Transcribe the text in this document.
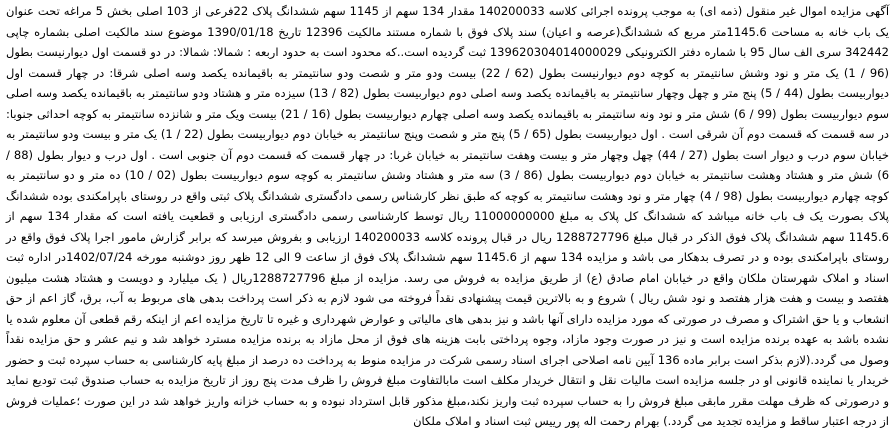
آگهی مزایده اموال غیر منقول (ذمه ای) به موجب پرونده اجرائی کلاسه 140200033 مقدار 134 سهم از 1145 سهم ششدانگ پلاک 22فرعی از 103 اصلی بخش 5 مراغه تحت عنوان یک باب خانه به مساحت 1145.6متر مربع که ششدانگ(عرصه و اعیان) سند پلاک فوق با شماره مستند مالکیت 12396 تاریخ 1390/01/18 موضوع سند مالکیت اصلی بشماره چاپی 342442 سری الف سال 95 با شماره دفتر الکترونیکی 139620304014000029 ثبت گردیده است..که محدود است به حدود اربعه : شمالا: شمالا: در دو قسمت اول دیوارنیست بطول (96 / 1) یک متر و نود وشش سانتیمتر به کوچه دوم دیوارنیست بطول (62 / 22) بیست ودو متر و شصت ودو سانتیمتر به باقیمانده یکصد وسه اصلی شرقا: در چهار قسمت اول دیواربیست بطول (44 / 5) پنج متر و چهل وچهار سانتیمتر به باقیمانده یکصد وسه اصلی دوم دیواربیست بطول (82 / 13) سیزده متر و هشتاد ودو سانتیمتر به باقیمانده یکصد وسه اصلی سوم دیواربیست بطول (99 / 6) شش متر و نود ونه سانتیمتر به باقیمانده یکصد وسه اصلی چهارم دیواربیست بطول (16 / 21) بیست ویک متر و شانزده سانتیمتر به کوچه احداثی جنوبا: در سه قسمت که قسمت دوم آن شرقی است . اول دیواربیست بطول (65 / 5) پنج متر و شصت وپنج سانتیمتر به خیابان دوم دیواربیست بطول (22 / 1) یک متر و بیست ودو سانتیمتر به خیابان سوم درب و دیوار است بطول (27 / 44) چهل وچهار متر و بیست وهفت سانتیمتر به خیابان غربا: در چهار قسمت که قسمت دوم آن جنوبی است . اول درب و دیوار بطول (88 / 6) شش متر و هشتاد وهشت سانتیمتر به خیابان دوم دیواربیست بطول (86 / 3) سه متر و هشتاد وشش سانتیمتر به کوچه سوم دیواربیست بطول (02 / 10) ده متر و دو سانتیمتر به کوچه چهارم دیواربیست بطول (98 / 4) چهار متر و نود وهشت سانتیمتر به کوچه که طبق نظر کارشناس رسمی دادگستری ششدانگ پلاک ثبتی واقع در روستای باپرامکندی بوده ششدانگ پلاک بصورت یک ف باب خانه میباشد که ششدانگ کل پلاک به مبلغ 11000000000 ریال توسط کارشناسی رسمی دادگستری ارزیابی و قطعیت یافته است که مقدار 134 سهم از 1145.6 سهم ششدانگ پلاک فوق الذکر در قبال مبلغ 1288727796 ریال در قبال پرونده کلاسه 140200033 ارزیابی و بفروش میرسد که برابر گزارش مامور اجرا پلاک فوق واقع در روستای باپرامکندی بوده و در تصرف بدهکار می باشد و مزایده 134 سهم از 1145.6 سهم ششدانگ پلاک فوق از ساعت 9 الی 12 ظهر روز دوشنبه مورخه 1402/07/24در اداره ثبت اسناد و املاک شهرستان ملکان واقع در خیابان امام صادق (ع) از طریق مزایده به فروش می رسد. مزایده از مبلغ 1288727796ریال ( یک میلیارد و دویست و هشتاد هشت میلیون هفتصد و بیست و هفت هزار هفتصد و نود شش ریال ) شروع و به بالاترین قیمت پیشنهادی نقداً فروخته می شود لازم به ذکر است پرداخت بدهی های مربوط به آب، برق، گاز اعم از حق انشعاب و یا حق اشتراک و مصرف در صورتی که مورد مزایده دارای آنها باشد و نیز بدهی های مالیاتی و عوارض شهرداری و غیره تا تاریخ مزایده اعم از اینکه رقم قطعی آن معلوم شده یا نشده باشد به عهده برنده مزایده است و نیز در صورت وجود مازاد، وجوه پرداختی بابت هزینه های فوق از محل مازاد به برنده مزایده مسترد خواهد شد و نیم عشر و حق مزایده نقداً وصول می گردد.(لازم بذکر است برابر ماده 136 آیین نامه اصلاحی اجرای اسناد رسمی شرکت در مزایده منوط به پرداخت ده درصد از مبلغ پایه کارشناسی به حساب سپرده ثبت و حضور خریدار یا نماینده قانونی او در جلسه مزایده است مالیات نقل و انتقال خریدار مکلف است مابالتفاوت مبلغ فروش را ظرف مدت پنج روز از تاریخ مزایده به حساب صندوق ثبت تودیع نماید و درصورتی که ظرف مهلت مقرر مابقی مبلغ فروش را به حساب سپرده ثبت واریز نکند،مبلغ مذکور قابل استرداد نبوده و به حساب خزانه واریز خواهد شد در این صورت ؛عملیات فروش از درجه اعتبار ساقط و مزایده تجدید می گردد.) بهرام رحمت اله پور رییس ثبت اسناد و املاک ملکان
